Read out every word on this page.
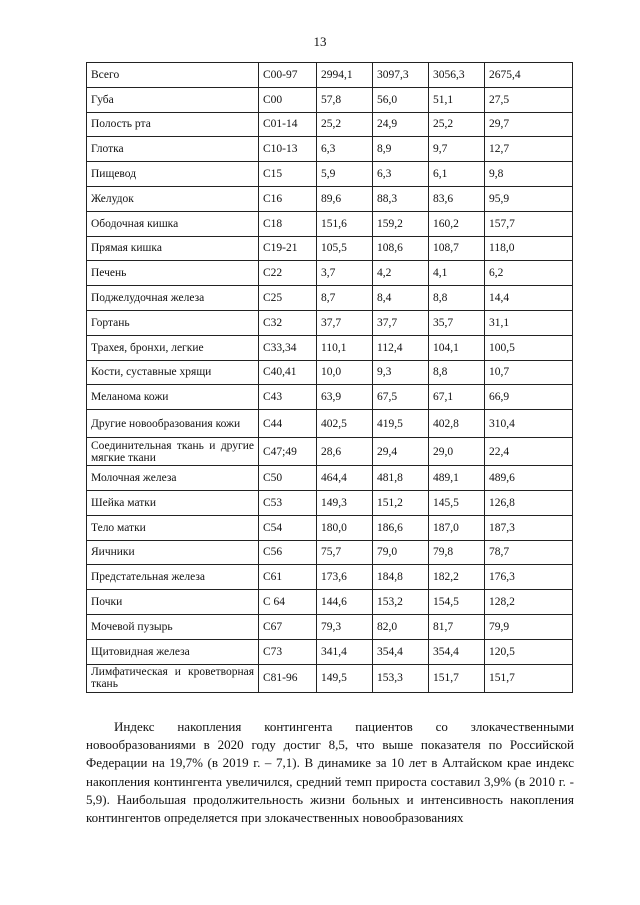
13
Всего	C00-97	2994,1	3097,3	3056,3	2675,4
Губа	C00	57,8	56,0	51,1	27,5
Полость рта	C01-14	25,2	24,9	25,2	29,7
Глотка	C10-13	6,3	8,9	9,7	12,7
Пищевод	C15	5,9	6,3	6,1	9,8
Желудок	C16	89,6	88,3	83,6	95,9
Ободочная кишка	C18	151,6	159,2	160,2	157,7
Прямая кишка	C19-21	105,5	108,6	108,7	118,0
Печень	C22	3,7	4,2	4,1	6,2
Поджелудочная железа	C25	8,7	8,4	8,8	14,4
Гортань	C32	37,7	37,7	35,7	31,1
Трахея, бронхи, легкие	C33,34	110,1	112,4	104,1	100,5
Кости, суставные хрящи	C40,41	10,0	9,3	8,8	10,7
Меланома кожи	C43	63,9	67,5	67,1	66,9
Другие новообразования кожи	C44	402,5	419,5	402,8	310,4
Соединительная ткань и другие мягкие ткани	C47;49	28,6	29,4	29,0	22,4
Молочная железа	C50	464,4	481,8	489,1	489,6
Шейка матки	C53	149,3	151,2	145,5	126,8
Тело матки	C54	180,0	186,6	187,0	187,3
Яичники	C56	75,7	79,0	79,8	78,7
Предстательная железа	C61	173,6	184,8	182,2	176,3
Почки	C 64	144,6	153,2	154,5	128,2
Мочевой пузырь	C67	79,3	82,0	81,7	79,9
Щитовидная железа	C73	341,4	354,4	354,4	120,5
Лимфатическая и кроветворная ткань	C81-96	149,5	153,3	151,7	151,7

Индекс накопления контингента пациентов со злокачественными новообразованиями в 2020 году достиг 8,5, что выше показателя по Российской Федерации на 19,7% (в 2019 г. – 7,1). В динамике за 10 лет в Алтайском крае индекс накопления контингента увеличился, средний темп прироста составил 3,9% (в 2010 г. - 5,9). Наибольшая продолжительность жизни больных и интенсивность накопления контингентов определяется при злокачественных новообразованиях
